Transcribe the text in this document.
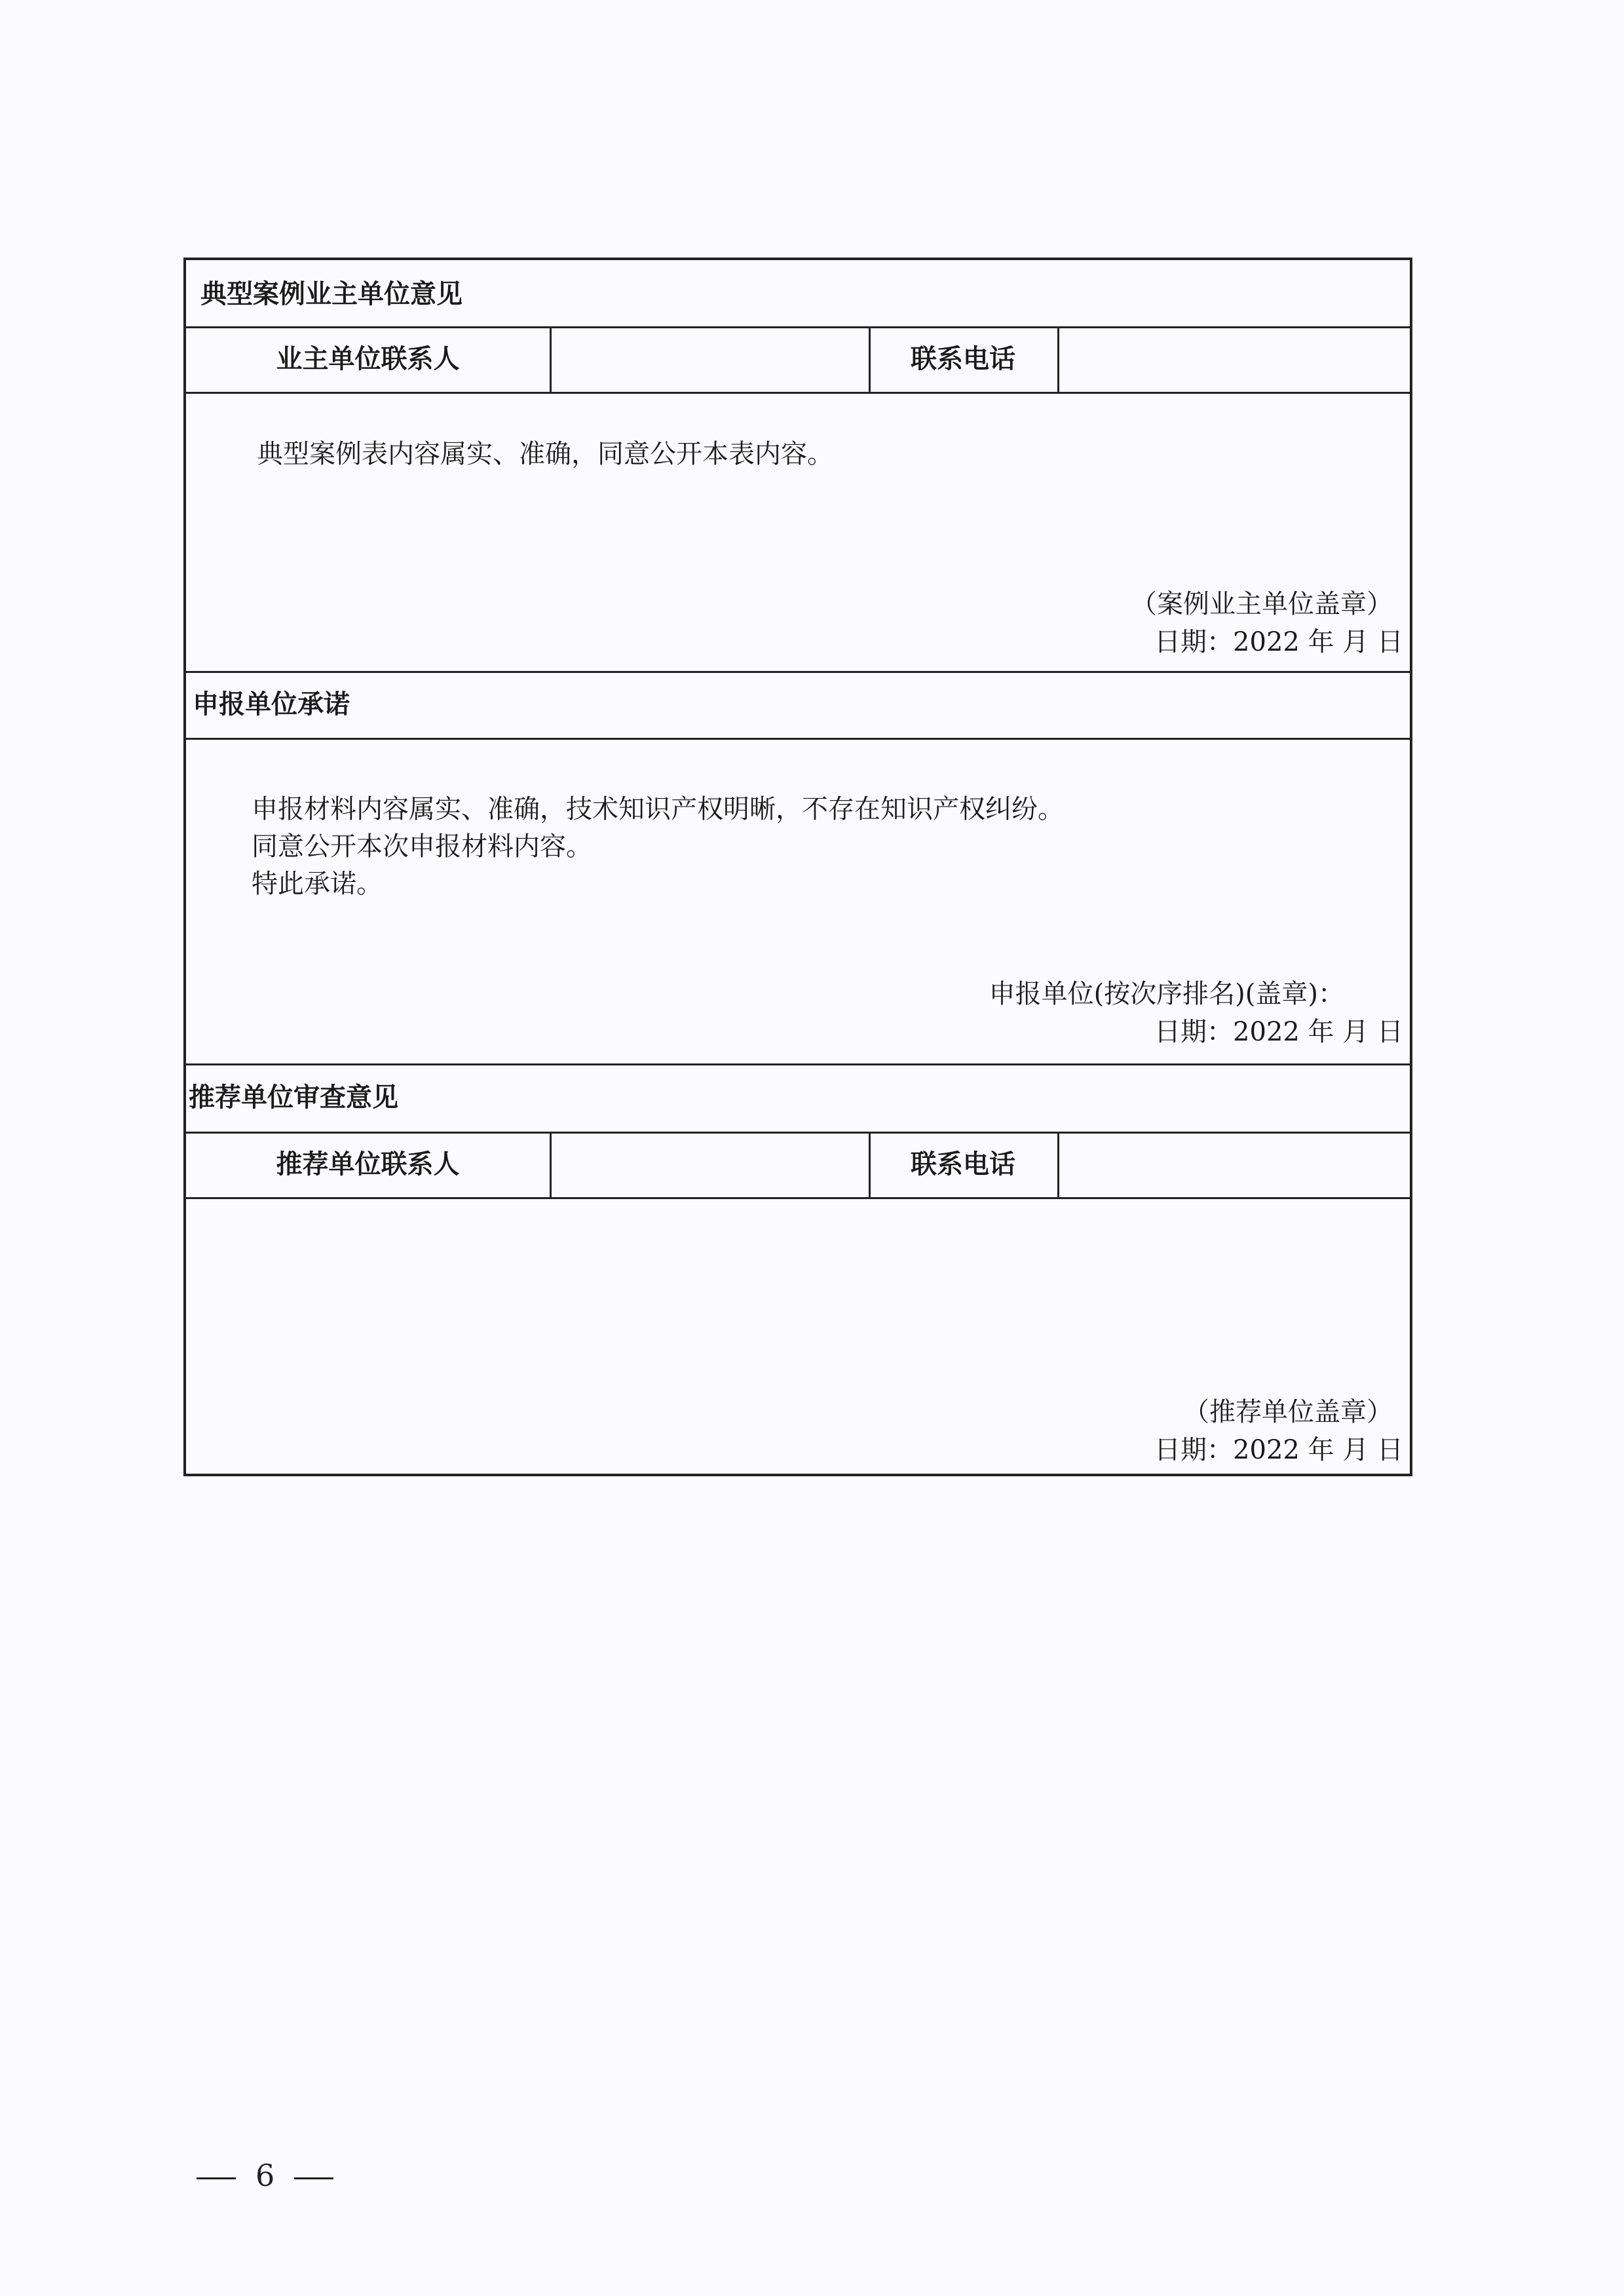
典型案例业主单位意见
业主单位联系人	联系电话
典型案例表内容属实、准确，同意公开本表内容。
（案例业主单位盖章）
日期：2022 年 月 日
申报单位承诺
申报材料内容属实、准确，技术知识产权明晰，不存在知识产权纠纷。
同意公开本次申报材料内容。
特此承诺。
申报单位(按次序排名)(盖章)：
日期：2022 年 月 日
推荐单位审查意见
推荐单位联系人	联系电话
（推荐单位盖章）
日期：2022 年 月 日
6
